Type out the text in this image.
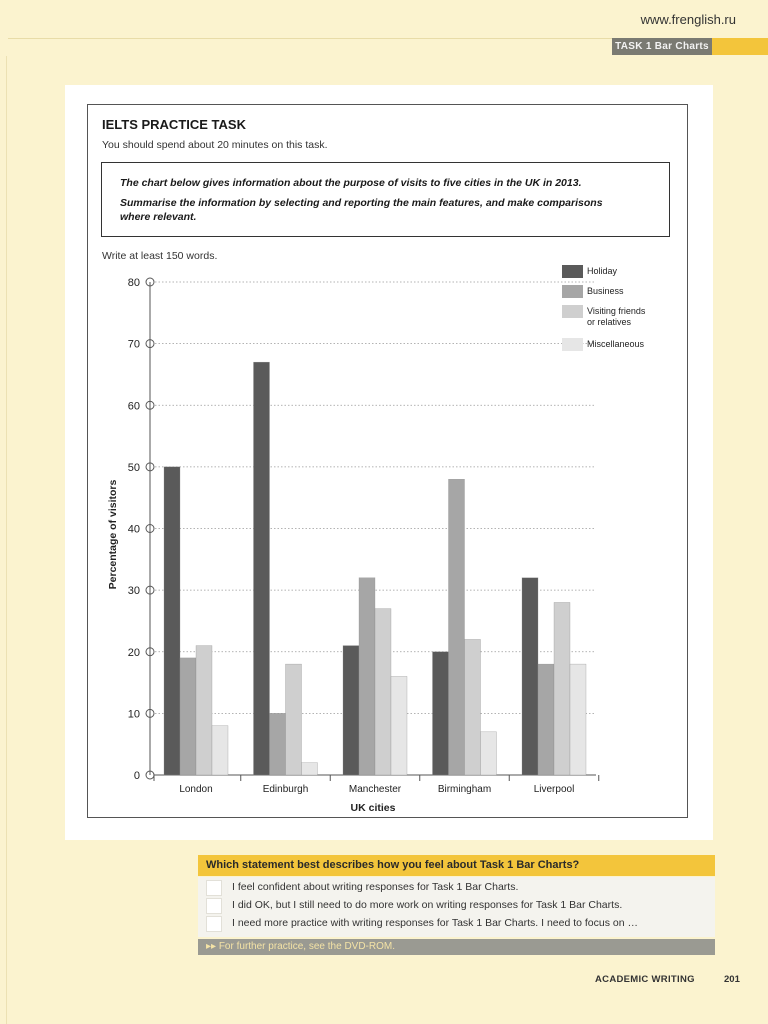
www.frenglish.ru
TASK 1 Bar Charts
IELTS PRACTICE TASK
You should spend about 20 minutes on this task.
The chart below gives information about the purpose of visits to five cities in the UK in 2013.
Summarise the information by selecting and reporting the main features, and make comparisons
where relevant.
Write at least 150 words.
0
10
20
30
40
50
60
70
80
London	Edinburgh	Manchester	Birmingham	Liverpool
UK cities
Percentage of visitors
Holiday
Business
Visiting friends
or relatives
Miscellaneous
Which statement best describes how you feel about Task 1 Bar Charts?
I feel confident about writing responses for Task 1 Bar Charts.
I did OK, but I still need to do more work on writing responses for Task 1 Bar Charts.
I need more practice with writing responses for Task 1 Bar Charts. I need to focus on …
▸▸ For further practice, see the DVD-ROM.
ACADEMIC WRITING	201
